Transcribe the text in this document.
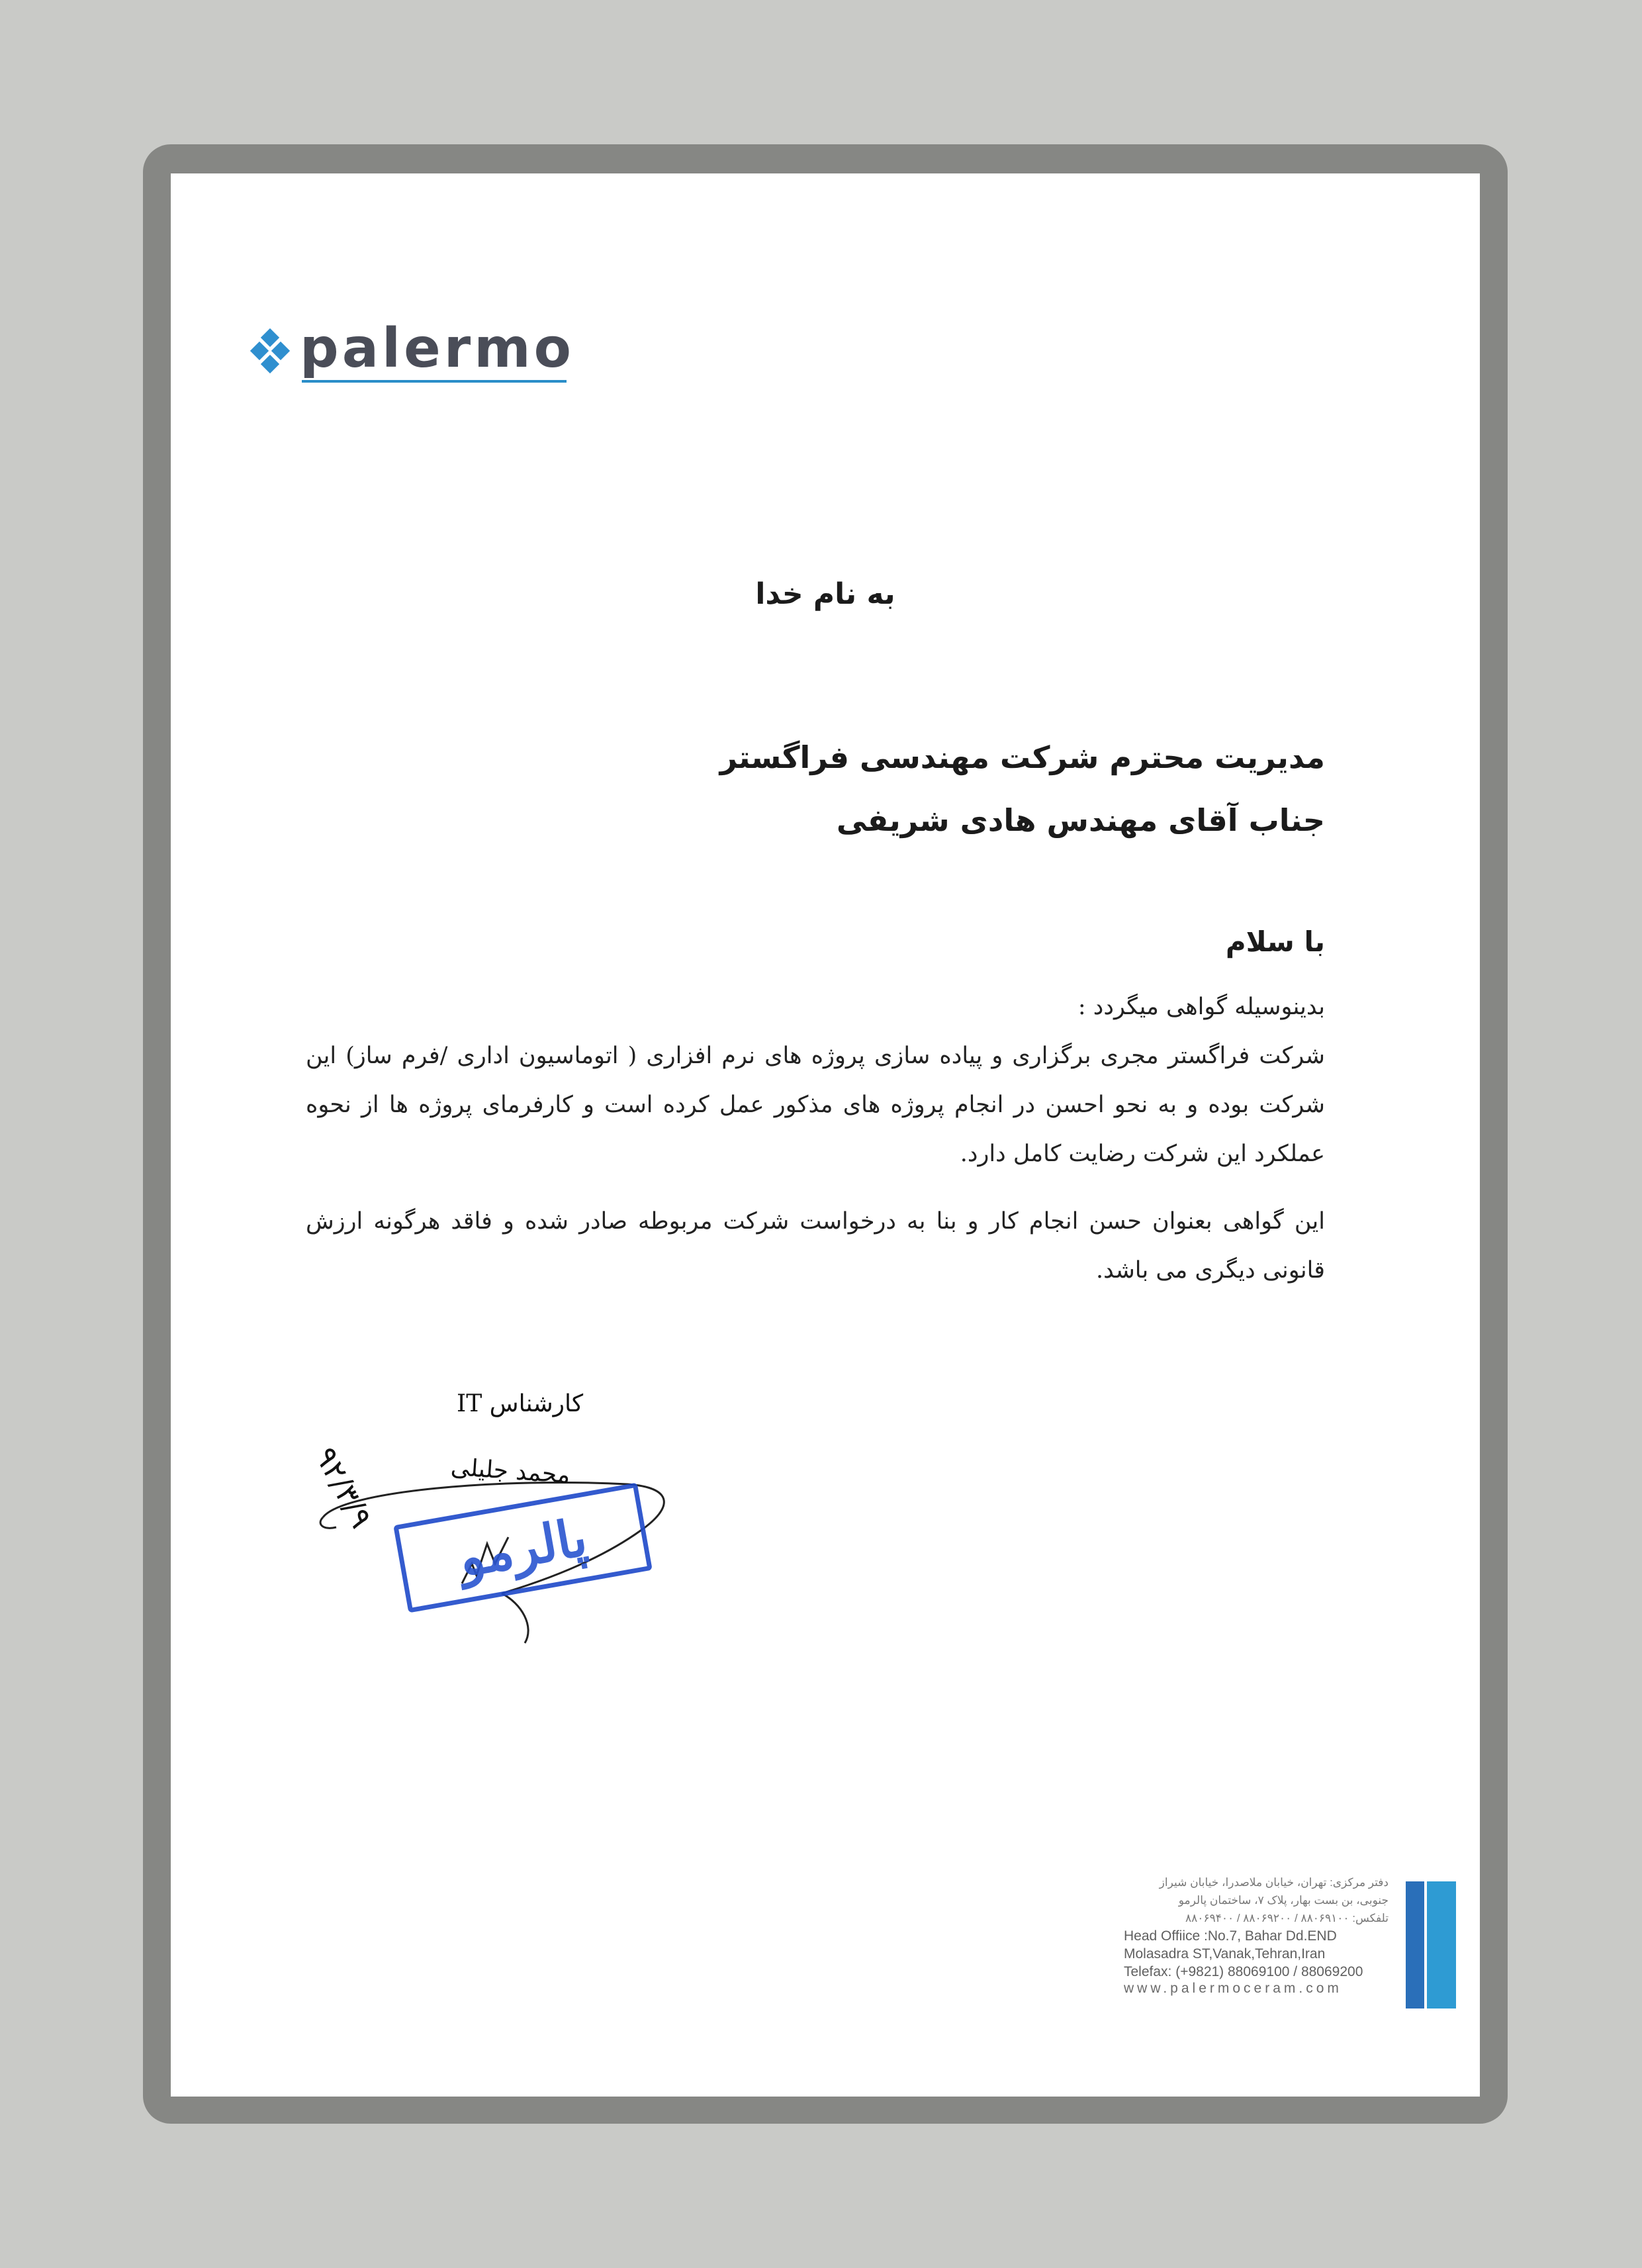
palermo
به نام خدا
مدیریت محترم شرکت مهندسی فراگستر
جناب آقای مهندس هادی شریفی
با سلام
بدینوسیله گواهی میگردد :
شرکت فراگستر مجری برگزاری و پیاده سازی پروژه های نرم افزاری ( اتوماسیون اداری /فرم ساز) این شرکت بوده و به نحو احسن در انجام پروژه های مذکور عمل کرده است و کارفرمای پروژه ها از نحوه عملکرد این شرکت رضایت کامل دارد.
این گواهی بعنوان حسن انجام کار و بنا به درخواست شرکت مربوطه صادر شده و فاقد هرگونه ارزش قانونی دیگری می باشد.
کارشناس IT
محمد جلیلی
۹۲/۳/۹
پالرمو
دفتر مرکزی: تهران، خیابان ملاصدرا، خیابان شیراز
جنوبی، بن بست بهار، پلاک ۷، ساختمان پالرمو
تلفکس: ۸۸۰۶۹۱۰۰ / ۸۸۰۶۹۲۰۰ / ۸۸۰۶۹۴۰۰
Head Offiice :No.7, Bahar Dd.END
Molasadra ST,Vanak,Tehran,Iran
Telefax: (+9821) 88069100 / 88069200
www.palermoceram.com
